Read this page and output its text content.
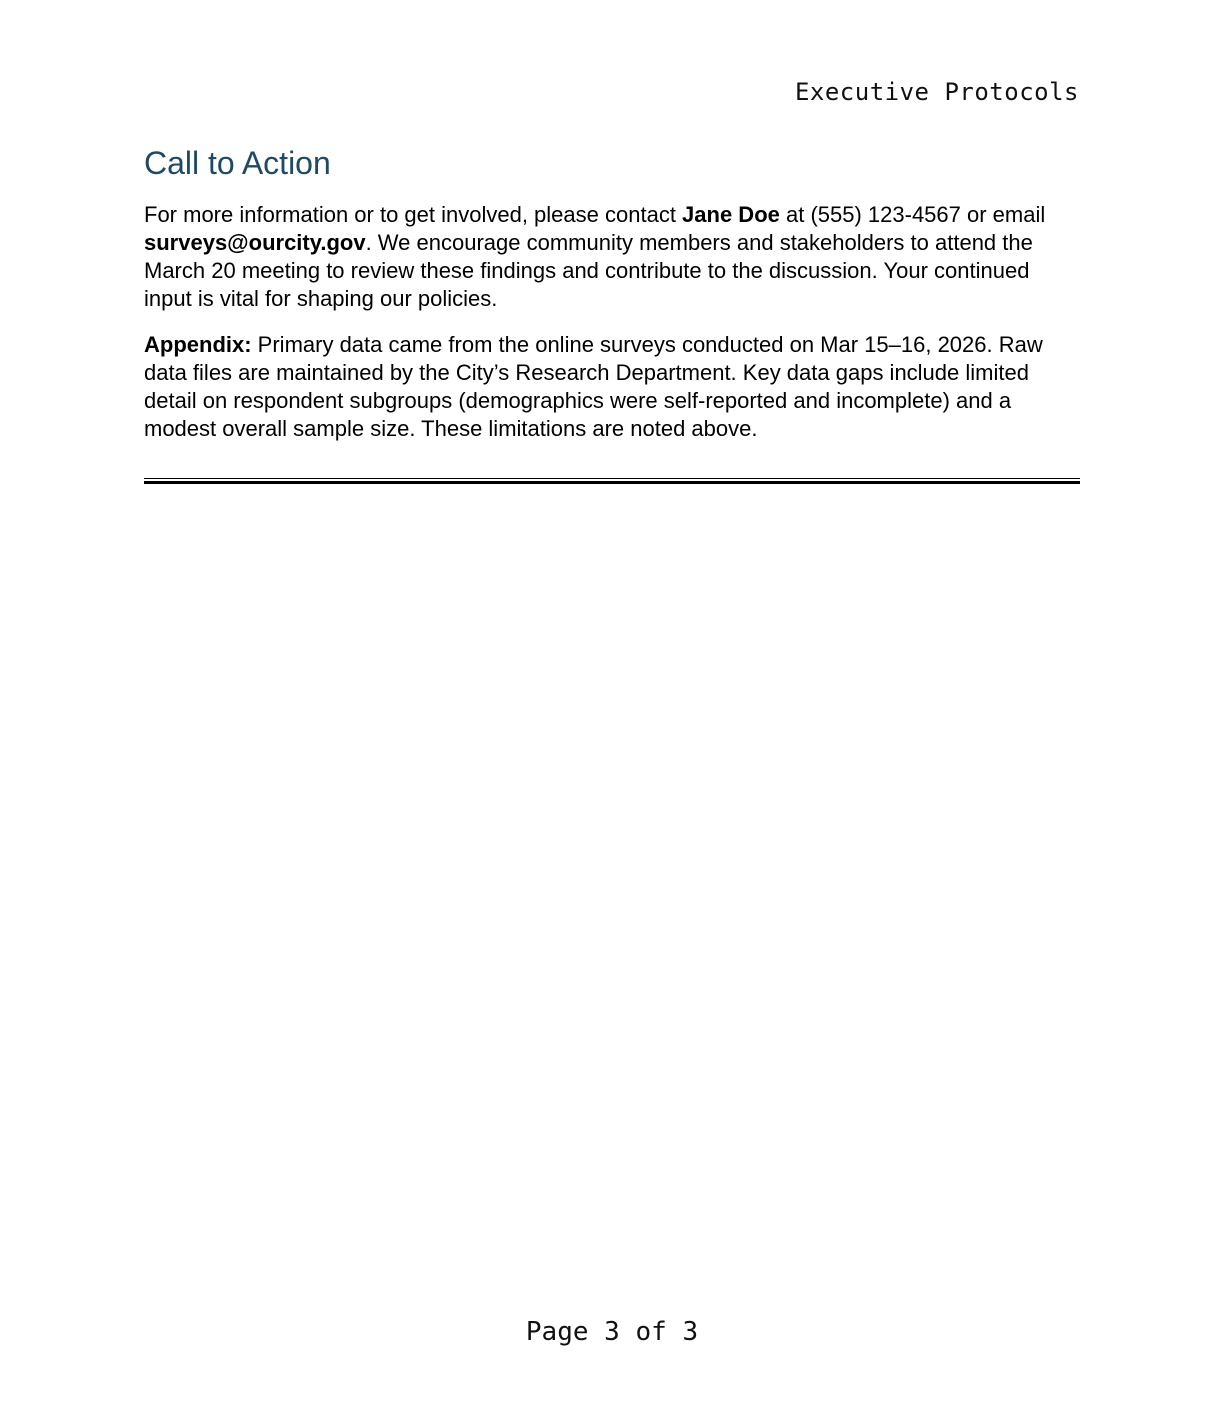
Executive Protocols
Call to Action

For more information or to get involved, please contact Jane Doe at (555) 123-4567 or email surveys@ourcity.gov. We encourage community members and stakeholders to attend the March 20 meeting to review these findings and contribute to the discussion. Your continued input is vital for shaping our policies.

Appendix: Primary data came from the online surveys conducted on Mar 15–16, 2026. Raw data files are maintained by the City’s Research Department. Key data gaps include limited detail on respondent subgroups (demographics were self-reported and incomplete) and a modest overall sample size. These limitations are noted above.

Page 3 of 3
